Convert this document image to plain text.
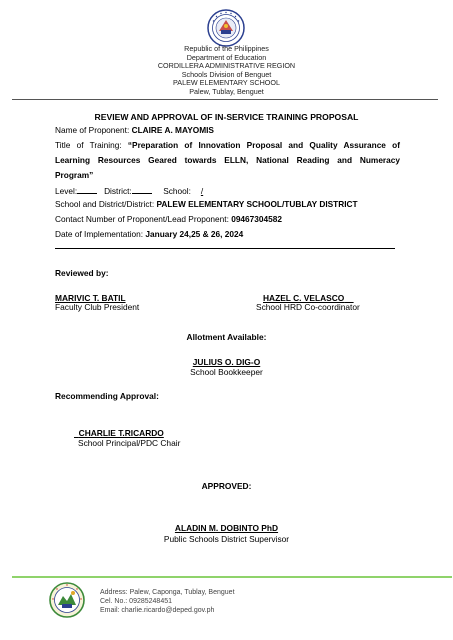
Republic of the Philippines
Department of Education
CORDILLERA ADMINISTRATIVE REGION
Schools Division of Benguet
PALEW ELEMENTARY SCHOOL
Palew, Tublay, Benguet
REVIEW AND APPROVAL OF IN-SERVICE TRAINING PROPOSAL
Name of Proponent: CLAIRE A. MAYOMIS
Title of Training: “Preparation of Innovation Proposal and Quality Assurance of
Learning Resources Geared towards ELLN, National Reading and Numeracy
Program”
Level:	District:	School: /
School and District/District: PALEW ELEMENTARY SCHOOL/TUBLAY DISTRICT
Contact Number of Proponent/Lead Proponent: 09467304582
Date of Implementation: January 24,25 & 26, 2024
Reviewed by:
MARIVIC T. BATIL
Faculty Club President
HAZEL C. VELASCO
School HRD Co-coordinator
Allotment Available:
JULIUS O. DIG-O
School Bookkeeper
Recommending Approval:
CHARLIE T.RICARDO
School Principal/PDC Chair
APPROVED:
ALADIN M. DOBINTO PhD
Public Schools District Supervisor
Address: Palew, Caponga, Tublay, Benguet
Cel. No.: 09285248451
Email: charlie.ricardo@deped.gov.ph
